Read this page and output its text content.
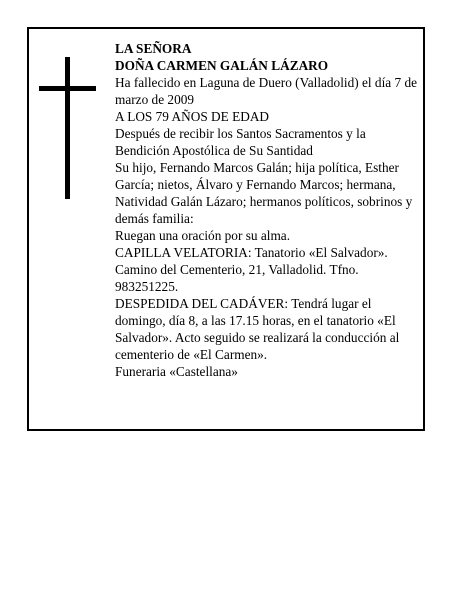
LA SEÑORA

DOÑA CARMEN GALÁN LÁZARO

Ha fallecido en Laguna de Duero (Valladolid) el día 7 de marzo de 2009

A LOS 79 AÑOS DE EDAD

Después de recibir los Santos Sacramentos y la Bendición Apostólica de Su Santidad

Su hijo, Fernando Marcos Galán; hija política, Esther García; nietos, Álvaro y Fernando Marcos; hermana, Natividad Galán Lázaro; hermanos políticos, sobrinos y demás familia:

Ruegan una oración por su alma.

CAPILLA VELATORIA: Tanatorio «El Salvador». Camino del Cementerio, 21, Valladolid. Tfno. 983251225.

DESPEDIDA DEL CADÁVER: Tendrá lugar el domingo, día 8, a las 17.15 horas, en el tanatorio «El Salvador». Acto seguido se realizará la conducción al cementerio de «El Carmen».

Funeraria «Castellana»
